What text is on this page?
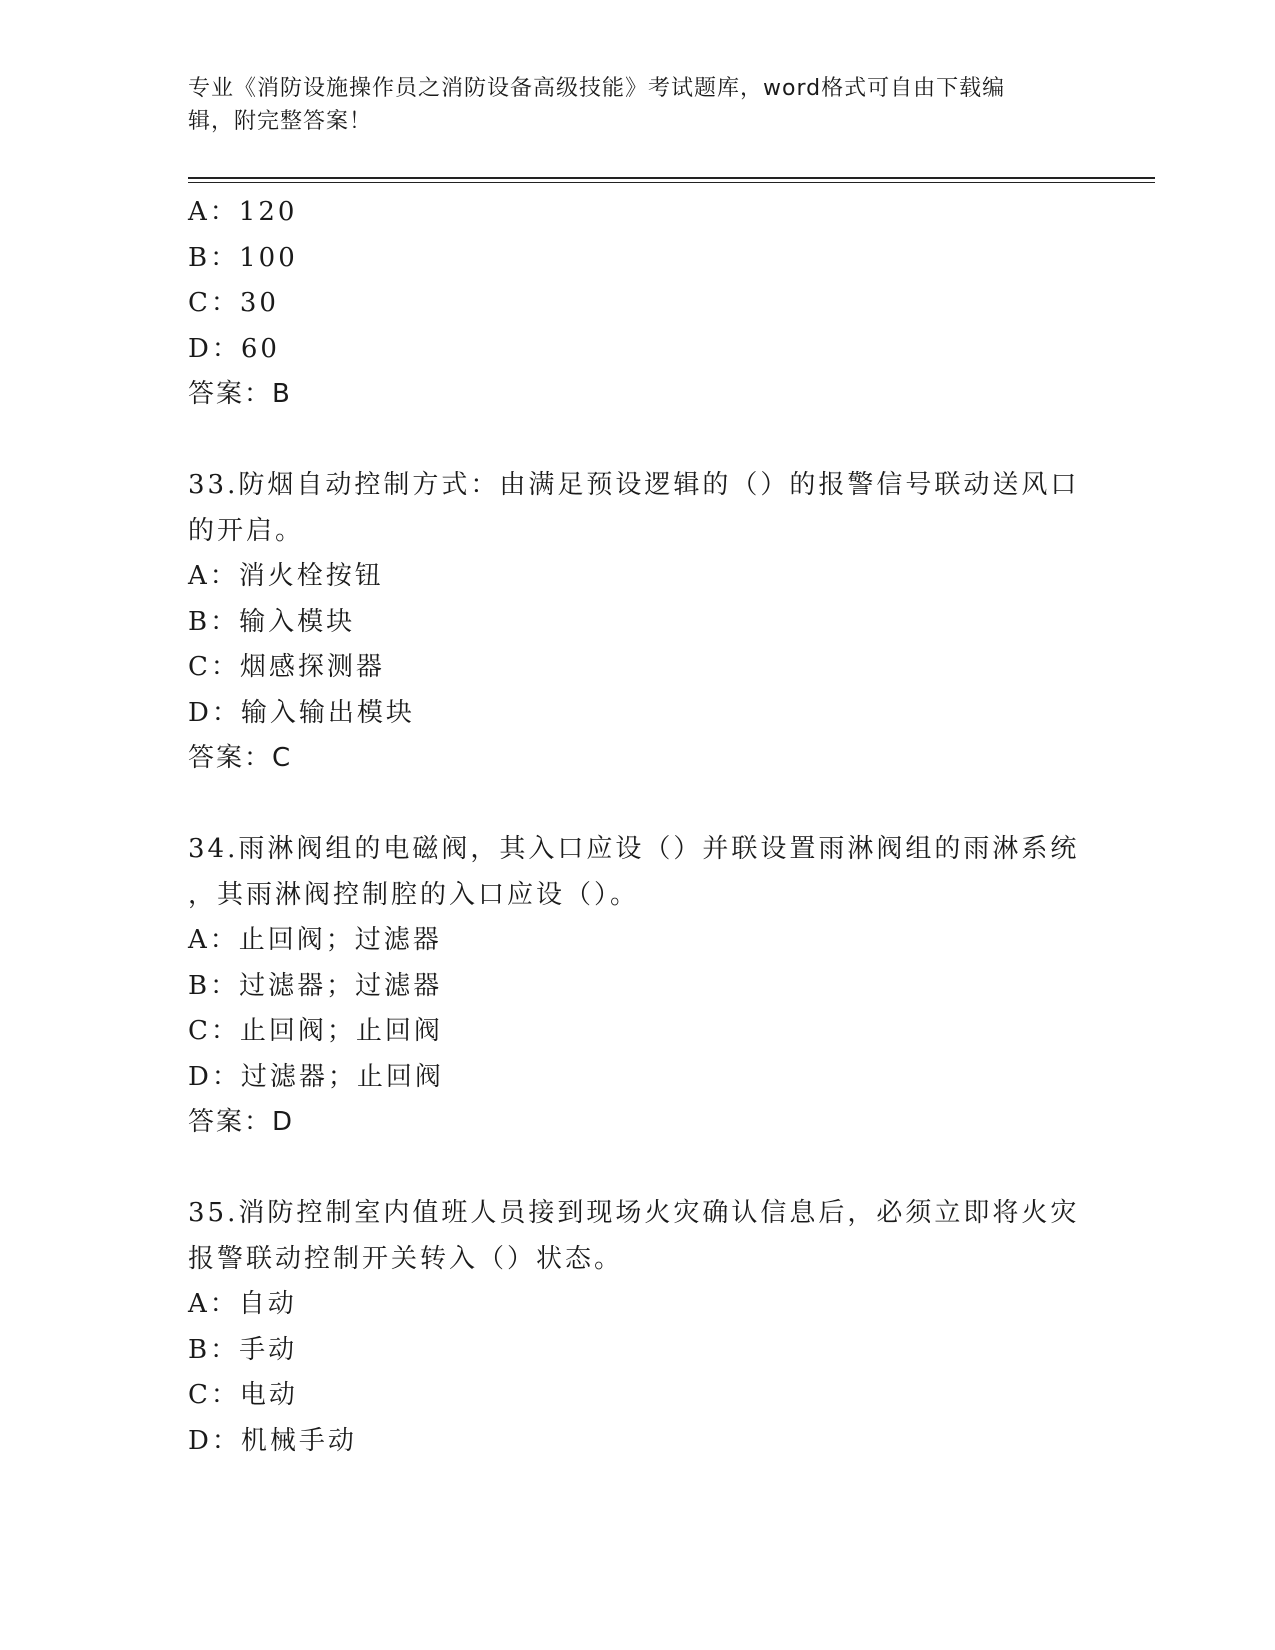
专业《消防设施操作员之消防设备高级技能》考试题库，word格式可自由下载编
辑，附完整答案！

A：120

B：100

C：30

D：60

答案：B

33.防烟自动控制方式：由满足预设逻辑的（）的报警信号联动送风口

的开启。

A：消火栓按钮

B：输入模块

C：烟感探测器

D：输入输出模块

答案：C

34.雨淋阀组的电磁阀，其入口应设（）并联设置雨淋阀组的雨淋系统

，其雨淋阀控制腔的入口应设（）。

A：止回阀；过滤器

B：过滤器；过滤器

C：止回阀；止回阀

D：过滤器；止回阀

答案：D

35.消防控制室内值班人员接到现场火灾确认信息后，必须立即将火灾

报警联动控制开关转入（）状态。

A：自动

B：手动

C：电动

D：机械手动
